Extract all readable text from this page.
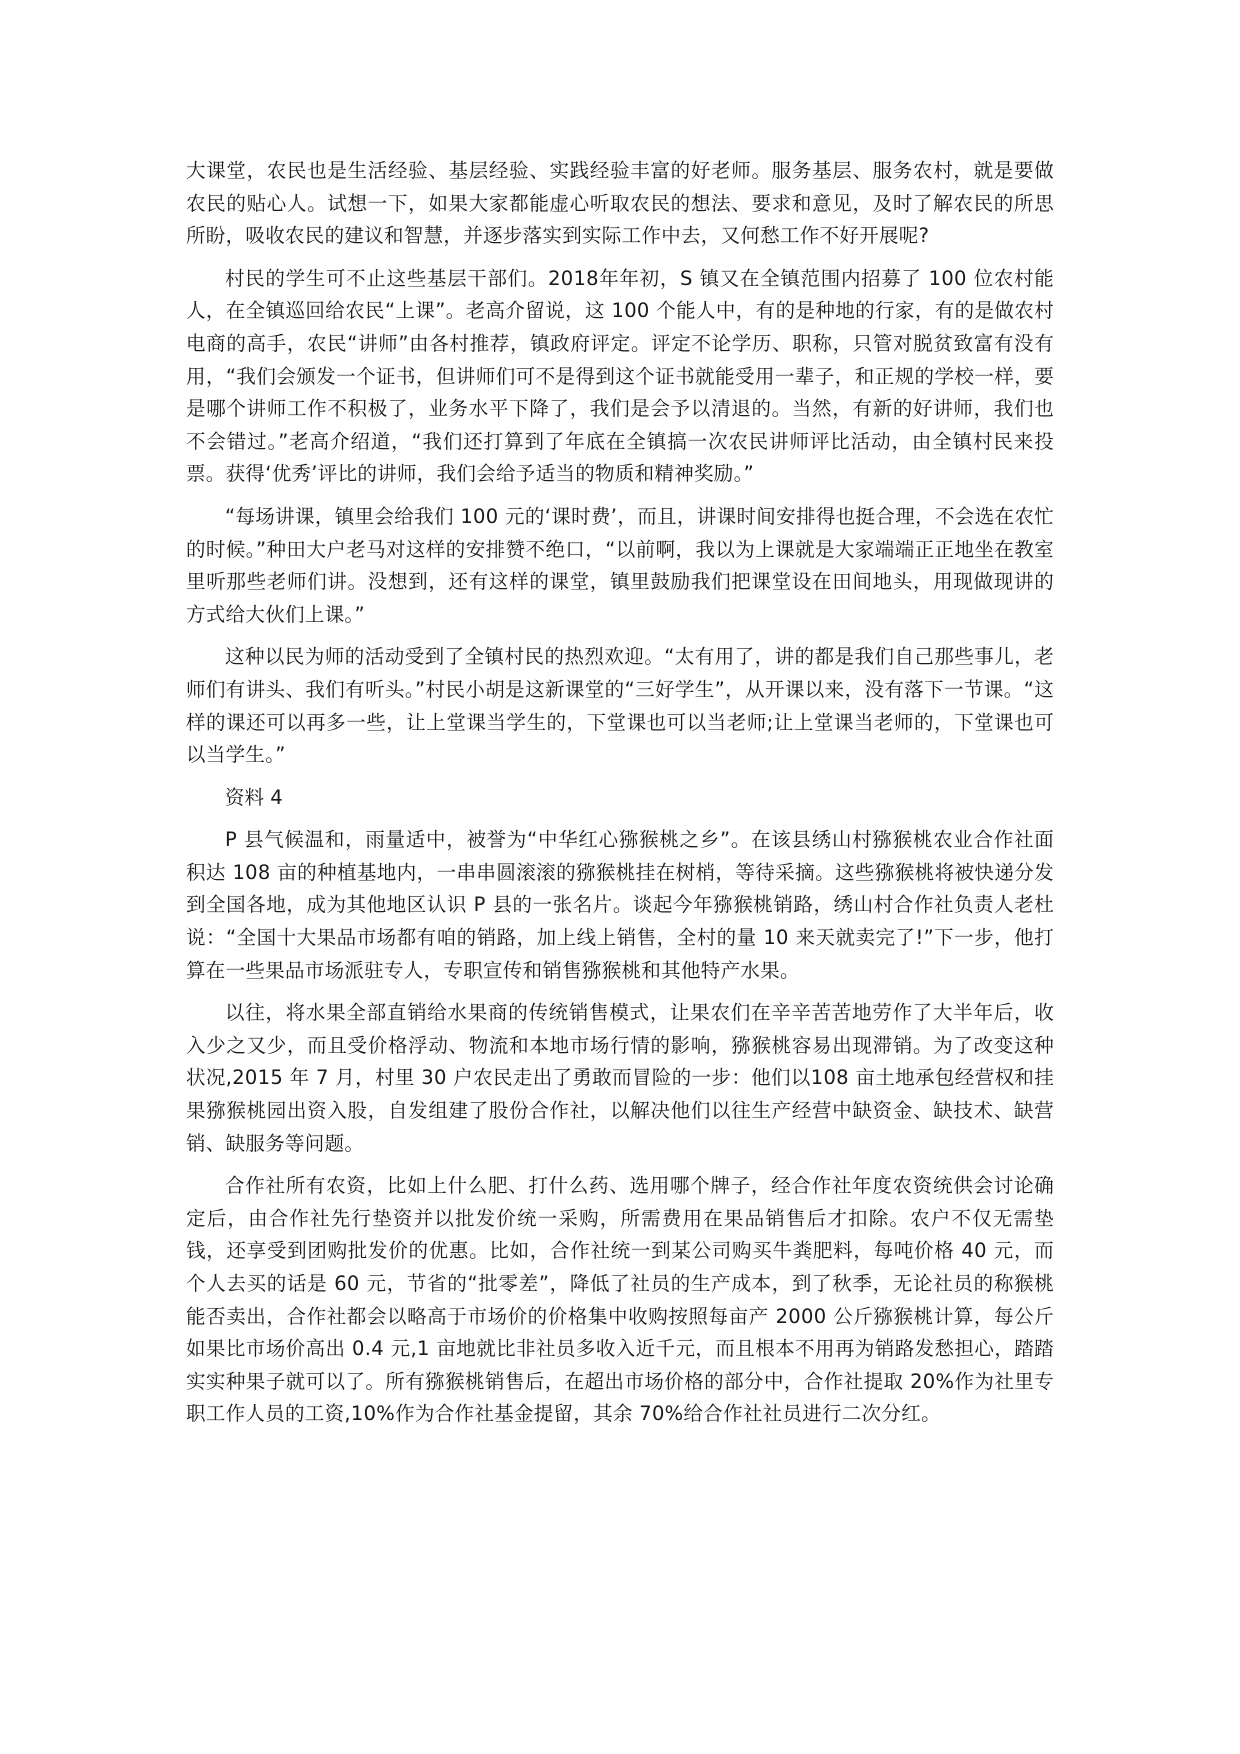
大课堂，农民也是生活经验、基层经验、实践经验丰富的好老师。服务基层、服务农村，就是要做农民的贴心人。试想一下，如果大家都能虚心听取农民的想法、要求和意见，及时了解农民的所思所盼，吸收农民的建议和智慧，并逐步落实到实际工作中去，又何愁工作不好开展呢?

村民的学生可不止这些基层干部们。2018年年初，S 镇又在全镇范围内招募了 100 位农村能人，在全镇巡回给农民“上课”。老高介留说，这 100 个能人中，有的是种地的行家，有的是做农村电商的高手，农民“讲师”由各村推荐，镇政府评定。评定不论学历、职称，只管对脱贫致富有没有用，“我们会颁发一个证书，但讲师们可不是得到这个证书就能受用一辈子，和正规的学校一样，要是哪个讲师工作不积极了，业务水平下降了，我们是会予以清退的。当然，有新的好讲师，我们也不会错过。”老高介绍道，“我们还打算到了年底在全镇搞一次农民讲师评比活动，由全镇村民来投票。获得‘优秀’评比的讲师，我们会给予适当的物质和精神奖励。”

“每场讲课，镇里会给我们 100 元的‘课时费’，而且，讲课时间安排得也挺合理，不会选在农忙的时候。”种田大户老马对这样的安排赞不绝口，“以前啊，我以为上课就是大家端端正正地坐在教室里听那些老师们讲。没想到，还有这样的课堂，镇里鼓励我们把课堂设在田间地头，用现做现讲的方式给大伙们上课。”

这种以民为师的活动受到了全镇村民的热烈欢迎。“太有用了，讲的都是我们自己那些事儿，老师们有讲头、我们有听头。”村民小胡是这新课堂的“三好学生”，从开课以来，没有落下一节课。“这样的课还可以再多一些，让上堂课当学生的，下堂课也可以当老师;让上堂课当老师的，下堂课也可以当学生。”

资料 4

P 县气候温和，雨量适中，被誉为“中华红心猕猴桃之乡”。在该县绣山村猕猴桃农业合作社面积达 108 亩的种植基地内，一串串圆滚滚的猕猴桃挂在树梢，等待采摘。这些猕猴桃将被快递分发到全国各地，成为其他地区认识 P 县的一张名片。谈起今年猕猴桃销路，绣山村合作社负责人老杜说：“全国十大果品市场都有咱的销路，加上线上销售，全村的量 10 来天就卖完了!”下一步，他打算在一些果品市场派驻专人，专职宣传和销售猕猴桃和其他特产水果。

以往，将水果全部直销给水果商的传统销售模式，让果农们在辛辛苦苦地劳作了大半年后，收入少之又少，而且受价格浮动、物流和本地市场行情的影响，猕猴桃容易出现滞销。为了改变这种状况,2015 年 7 月，村里 30 户农民走出了勇敢而冒险的一步：他们以108 亩土地承包经营权和挂果猕猴桃园出资入股，自发组建了股份合作社，以解决他们以往生产经营中缺资金、缺技术、缺营销、缺服务等问题。

合作社所有农资，比如上什么肥、打什么药、选用哪个牌子，经合作社年度农资统供会讨论确定后，由合作社先行垫资并以批发价统一采购，所需费用在果品销售后才扣除。农户不仅无需垫钱，还享受到团购批发价的优惠。比如，合作社统一到某公司购买牛粪肥料，每吨价格 40 元，而个人去买的话是 60 元，节省的“批零差”，降低了社员的生产成本，到了秋季，无论社员的称猴桃能否卖出，合作社都会以略高于市场价的价格集中收购按照每亩产 2000 公斤猕猴桃计算，每公斤如果比市场价高出 0.4 元,1 亩地就比非社员多收入近千元，而且根本不用再为销路发愁担心，踏踏实实种果子就可以了。所有猕猴桃销售后，在超出市场价格的部分中，合作社提取 20%作为社里专职工作人员的工资,10%作为合作社基金提留，其余 70%给合作社社员进行二次分红。
